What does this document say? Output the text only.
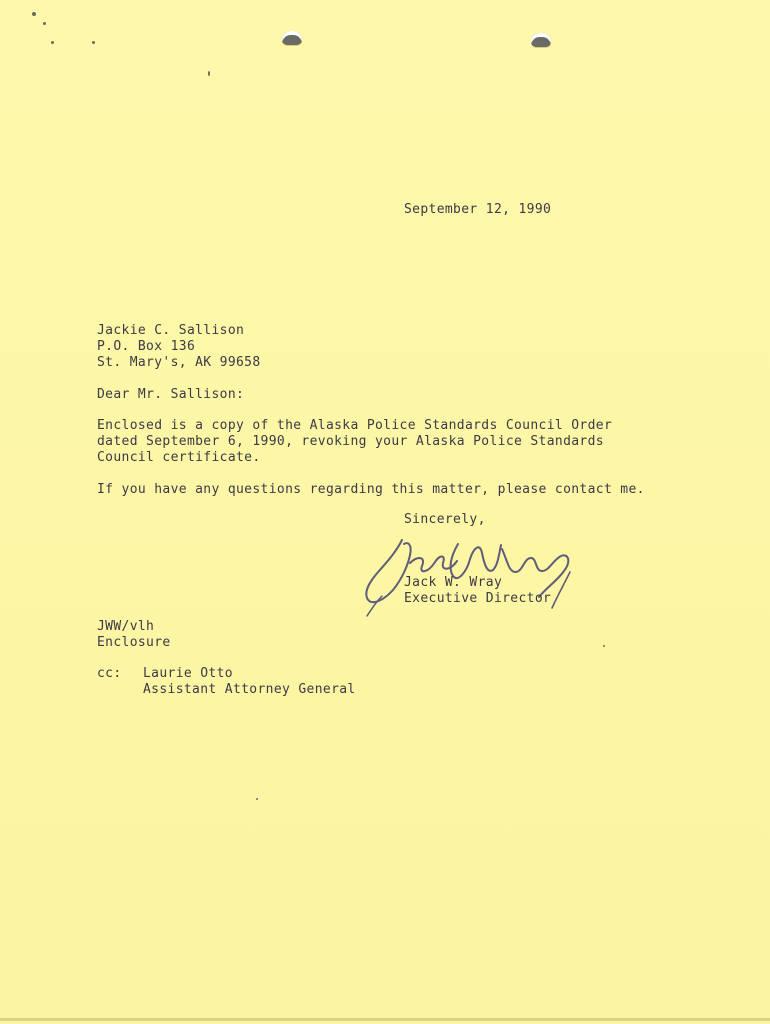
September 12, 1990
Jackie C. Sallison
P.O. Box 136
St. Mary's, AK 99658
Dear Mr. Sallison:
Enclosed is a copy of the Alaska Police Standards Council Order
dated September 6, 1990, revoking your Alaska Police Standards
Council certificate.
If you have any questions regarding this matter, please contact me.
Sincerely,
Jack W. Wray
Executive Director
JWW/vlh
Enclosure
cc: Laurie Otto
Assistant Attorney General
